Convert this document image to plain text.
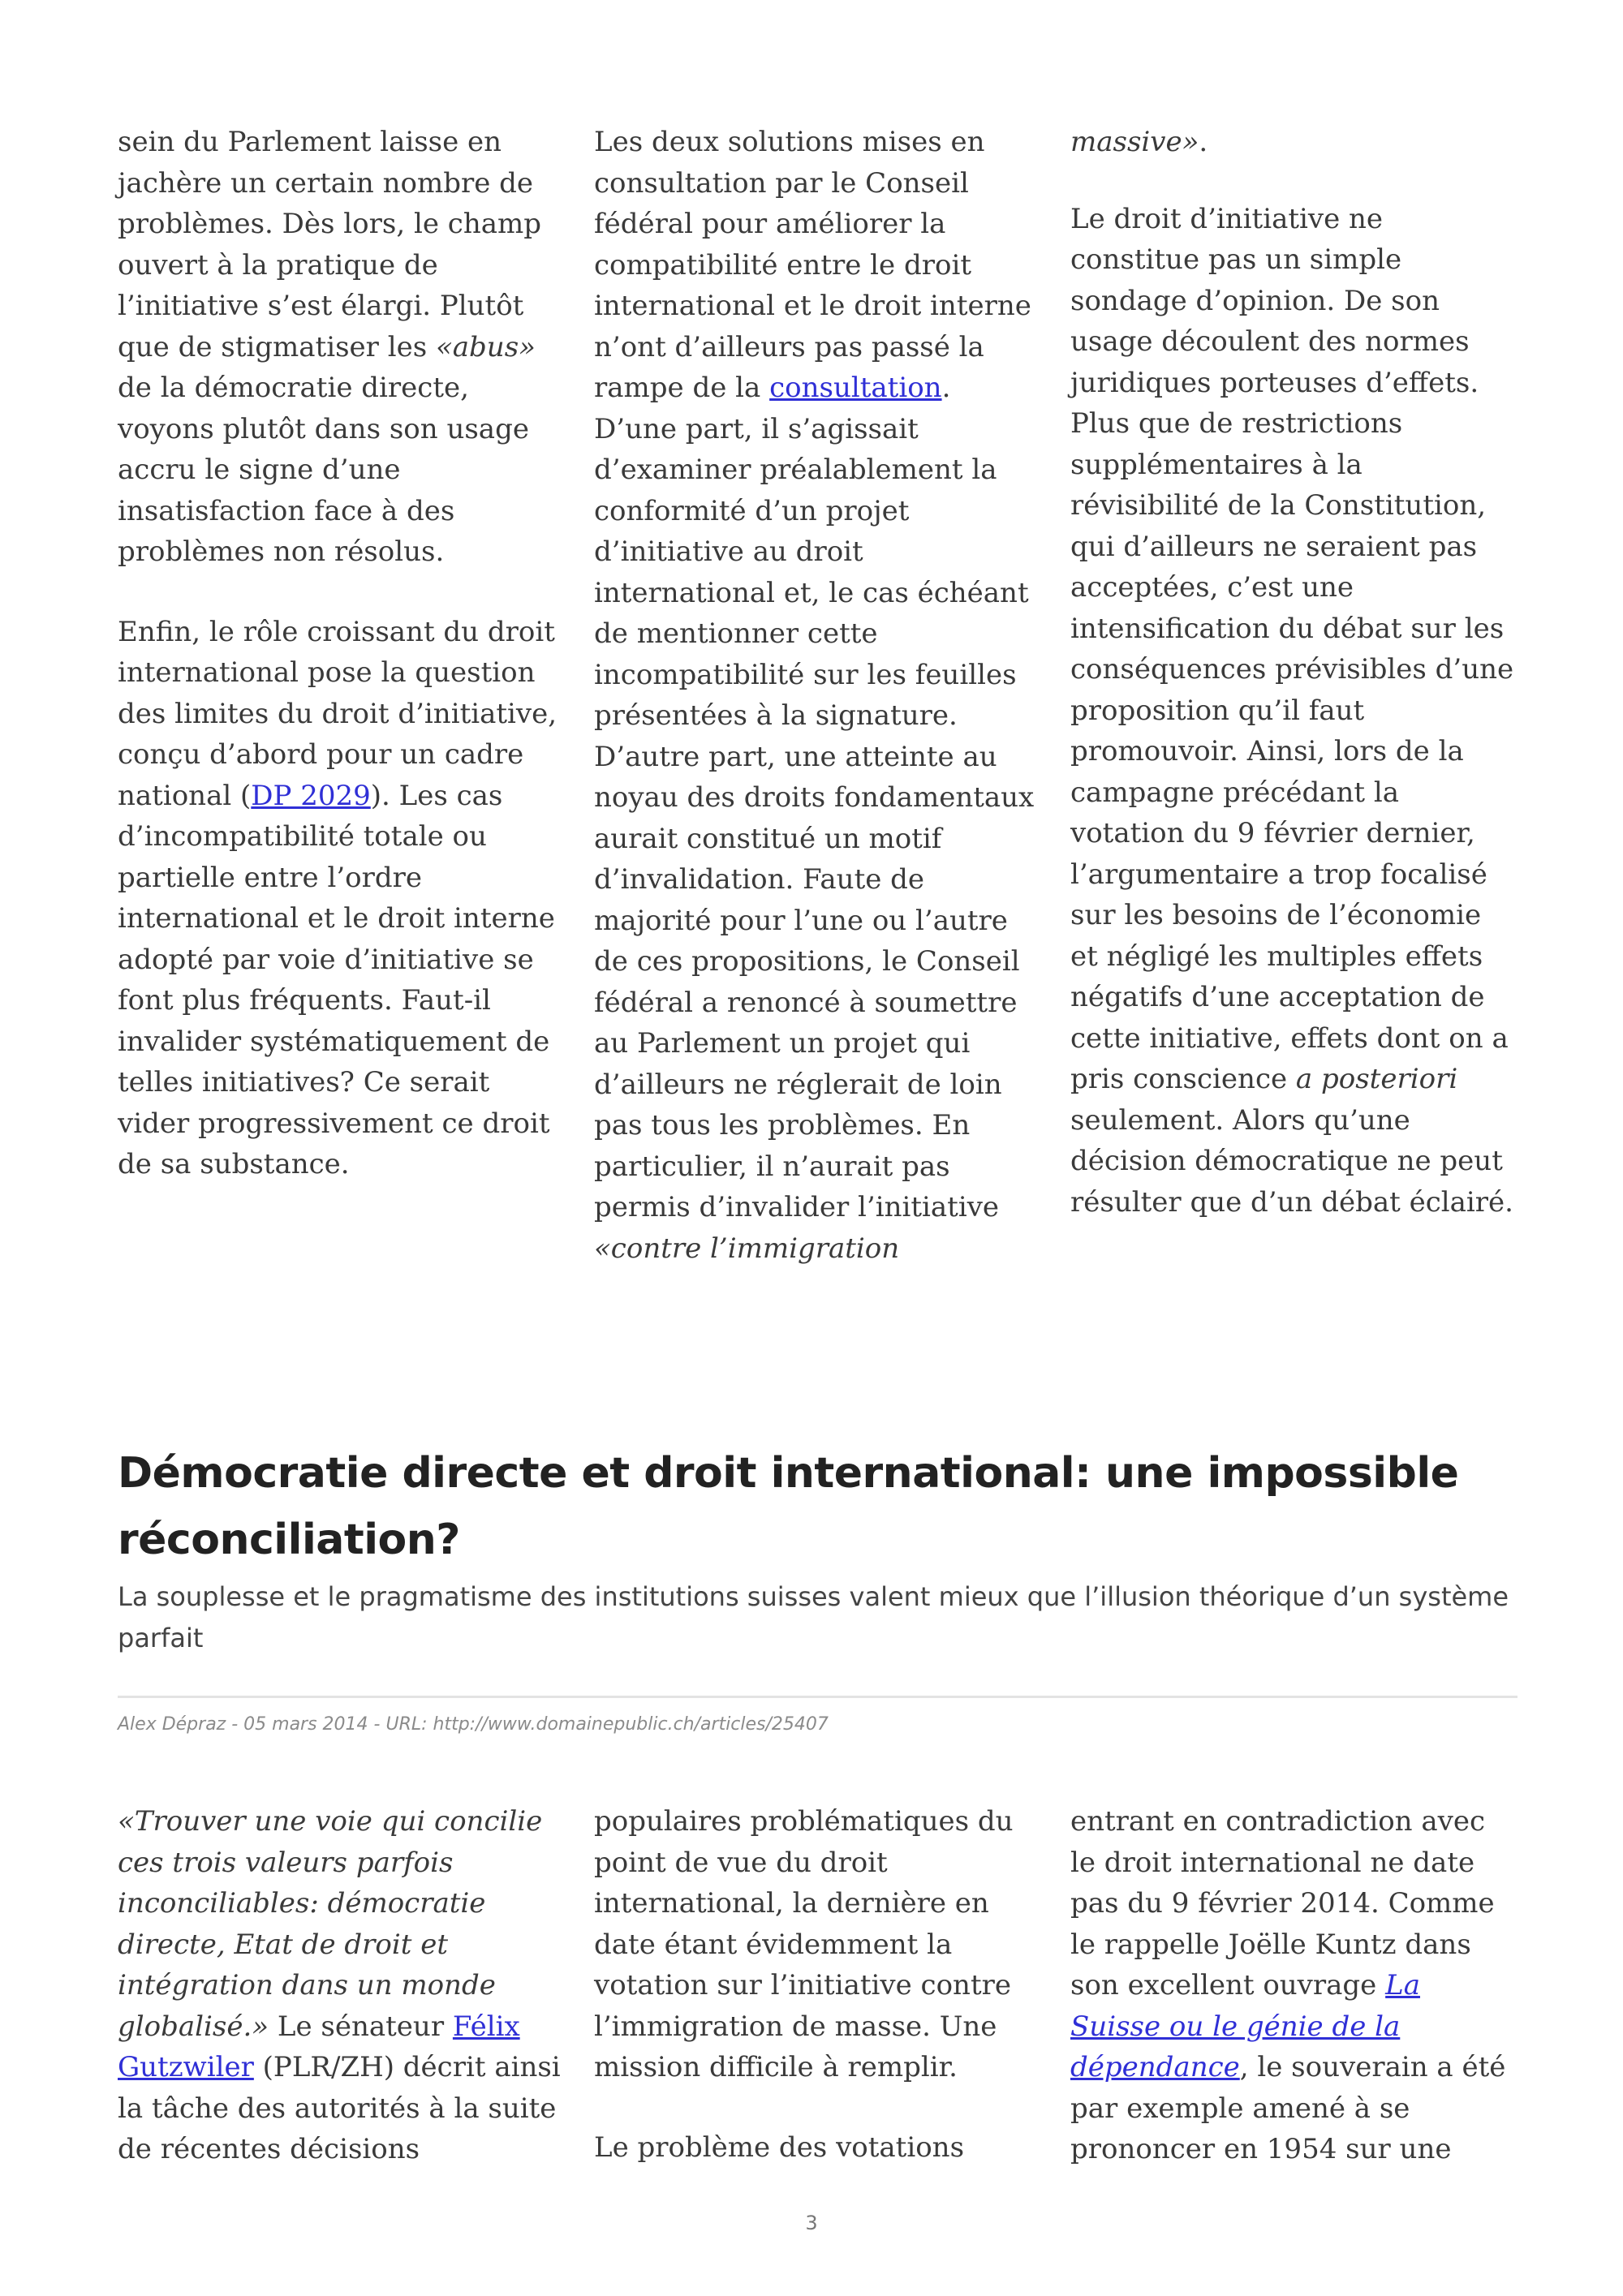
sein du Parlement laisse en jachère un certain nombre de problèmes. Dès lors, le champ ouvert à la pratique de l’initiative s’est élargi. Plutôt que de stigmatiser les «abus» de la démocratie directe, voyons plutôt dans son usage accru le signe d’une insatisfaction face à des problèmes non résolus.

Enfin, le rôle croissant du droit international pose la question des limites du droit d’initiative, conçu d’abord pour un cadre national (DP 2029). Les cas d’incompatibilité totale ou partielle entre l’ordre international et le droit interne adopté par voie d’initiative se font plus fréquents. Faut-il invalider systématiquement de telles initiatives? Ce serait vider progressivement ce droit de sa substance.

Les deux solutions mises en consultation par le Conseil fédéral pour améliorer la compatibilité entre le droit international et le droit interne n’ont d’ailleurs pas passé la rampe de la consultation. D’une part, il s’agissait d’examiner préalablement la conformité d’un projet d’initiative au droit international et, le cas échéant de mentionner cette incompatibilité sur les feuilles présentées à la signature. D’autre part, une atteinte au noyau des droits fondamentaux aurait constitué un motif d’invalidation. Faute de majorité pour l’une ou l’autre de ces propositions, le Conseil fédéral a renoncé à soumettre au Parlement un projet qui d’ailleurs ne réglerait de loin pas tous les problèmes. En particulier, il n’aurait pas permis d’invalider l’initiative «contre l’immigration

massive».

Le droit d’initiative ne constitue pas un simple sondage d’opinion. De son usage découlent des normes juridiques porteuses d’effets. Plus que de restrictions supplémentaires à la révisibilité de la Constitution, qui d’ailleurs ne seraient pas acceptées, c’est une intensification du débat sur les conséquences prévisibles d’une proposition qu’il faut promouvoir. Ainsi, lors de la campagne précédant la votation du 9 février dernier, l’argumentaire a trop focalisé sur les besoins de l’économie et négligé les multiples effets négatifs d’une acceptation de cette initiative, effets dont on a pris conscience a posteriori seulement. Alors qu’une décision démocratique ne peut résulter que d’un débat éclairé.

Démocratie directe et droit international: une impossible réconciliation?
La souplesse et le pragmatisme des institutions suisses valent mieux que l’illusion théorique d’un système parfait
Alex Dépraz - 05 mars 2014 - URL: http://www.domainepublic.ch/articles/25407

«Trouver une voie qui concilie ces trois valeurs parfois inconciliables: démocratie directe, Etat de droit et intégration dans un monde globalisé.» Le sénateur Félix Gutzwiler (PLR/ZH) décrit ainsi la tâche des autorités à la suite de récentes décisions

populaires problématiques du point de vue du droit international, la dernière en date étant évidemment la votation sur l’initiative contre l’immigration de masse. Une mission difficile à remplir.

Le problème des votations

entrant en contradiction avec le droit international ne date pas du 9 février 2014. Comme le rappelle Joëlle Kuntz dans son excellent ouvrage La Suisse ou le génie de la dépendance, le souverain a été par exemple amené à se prononcer en 1954 sur une

3
